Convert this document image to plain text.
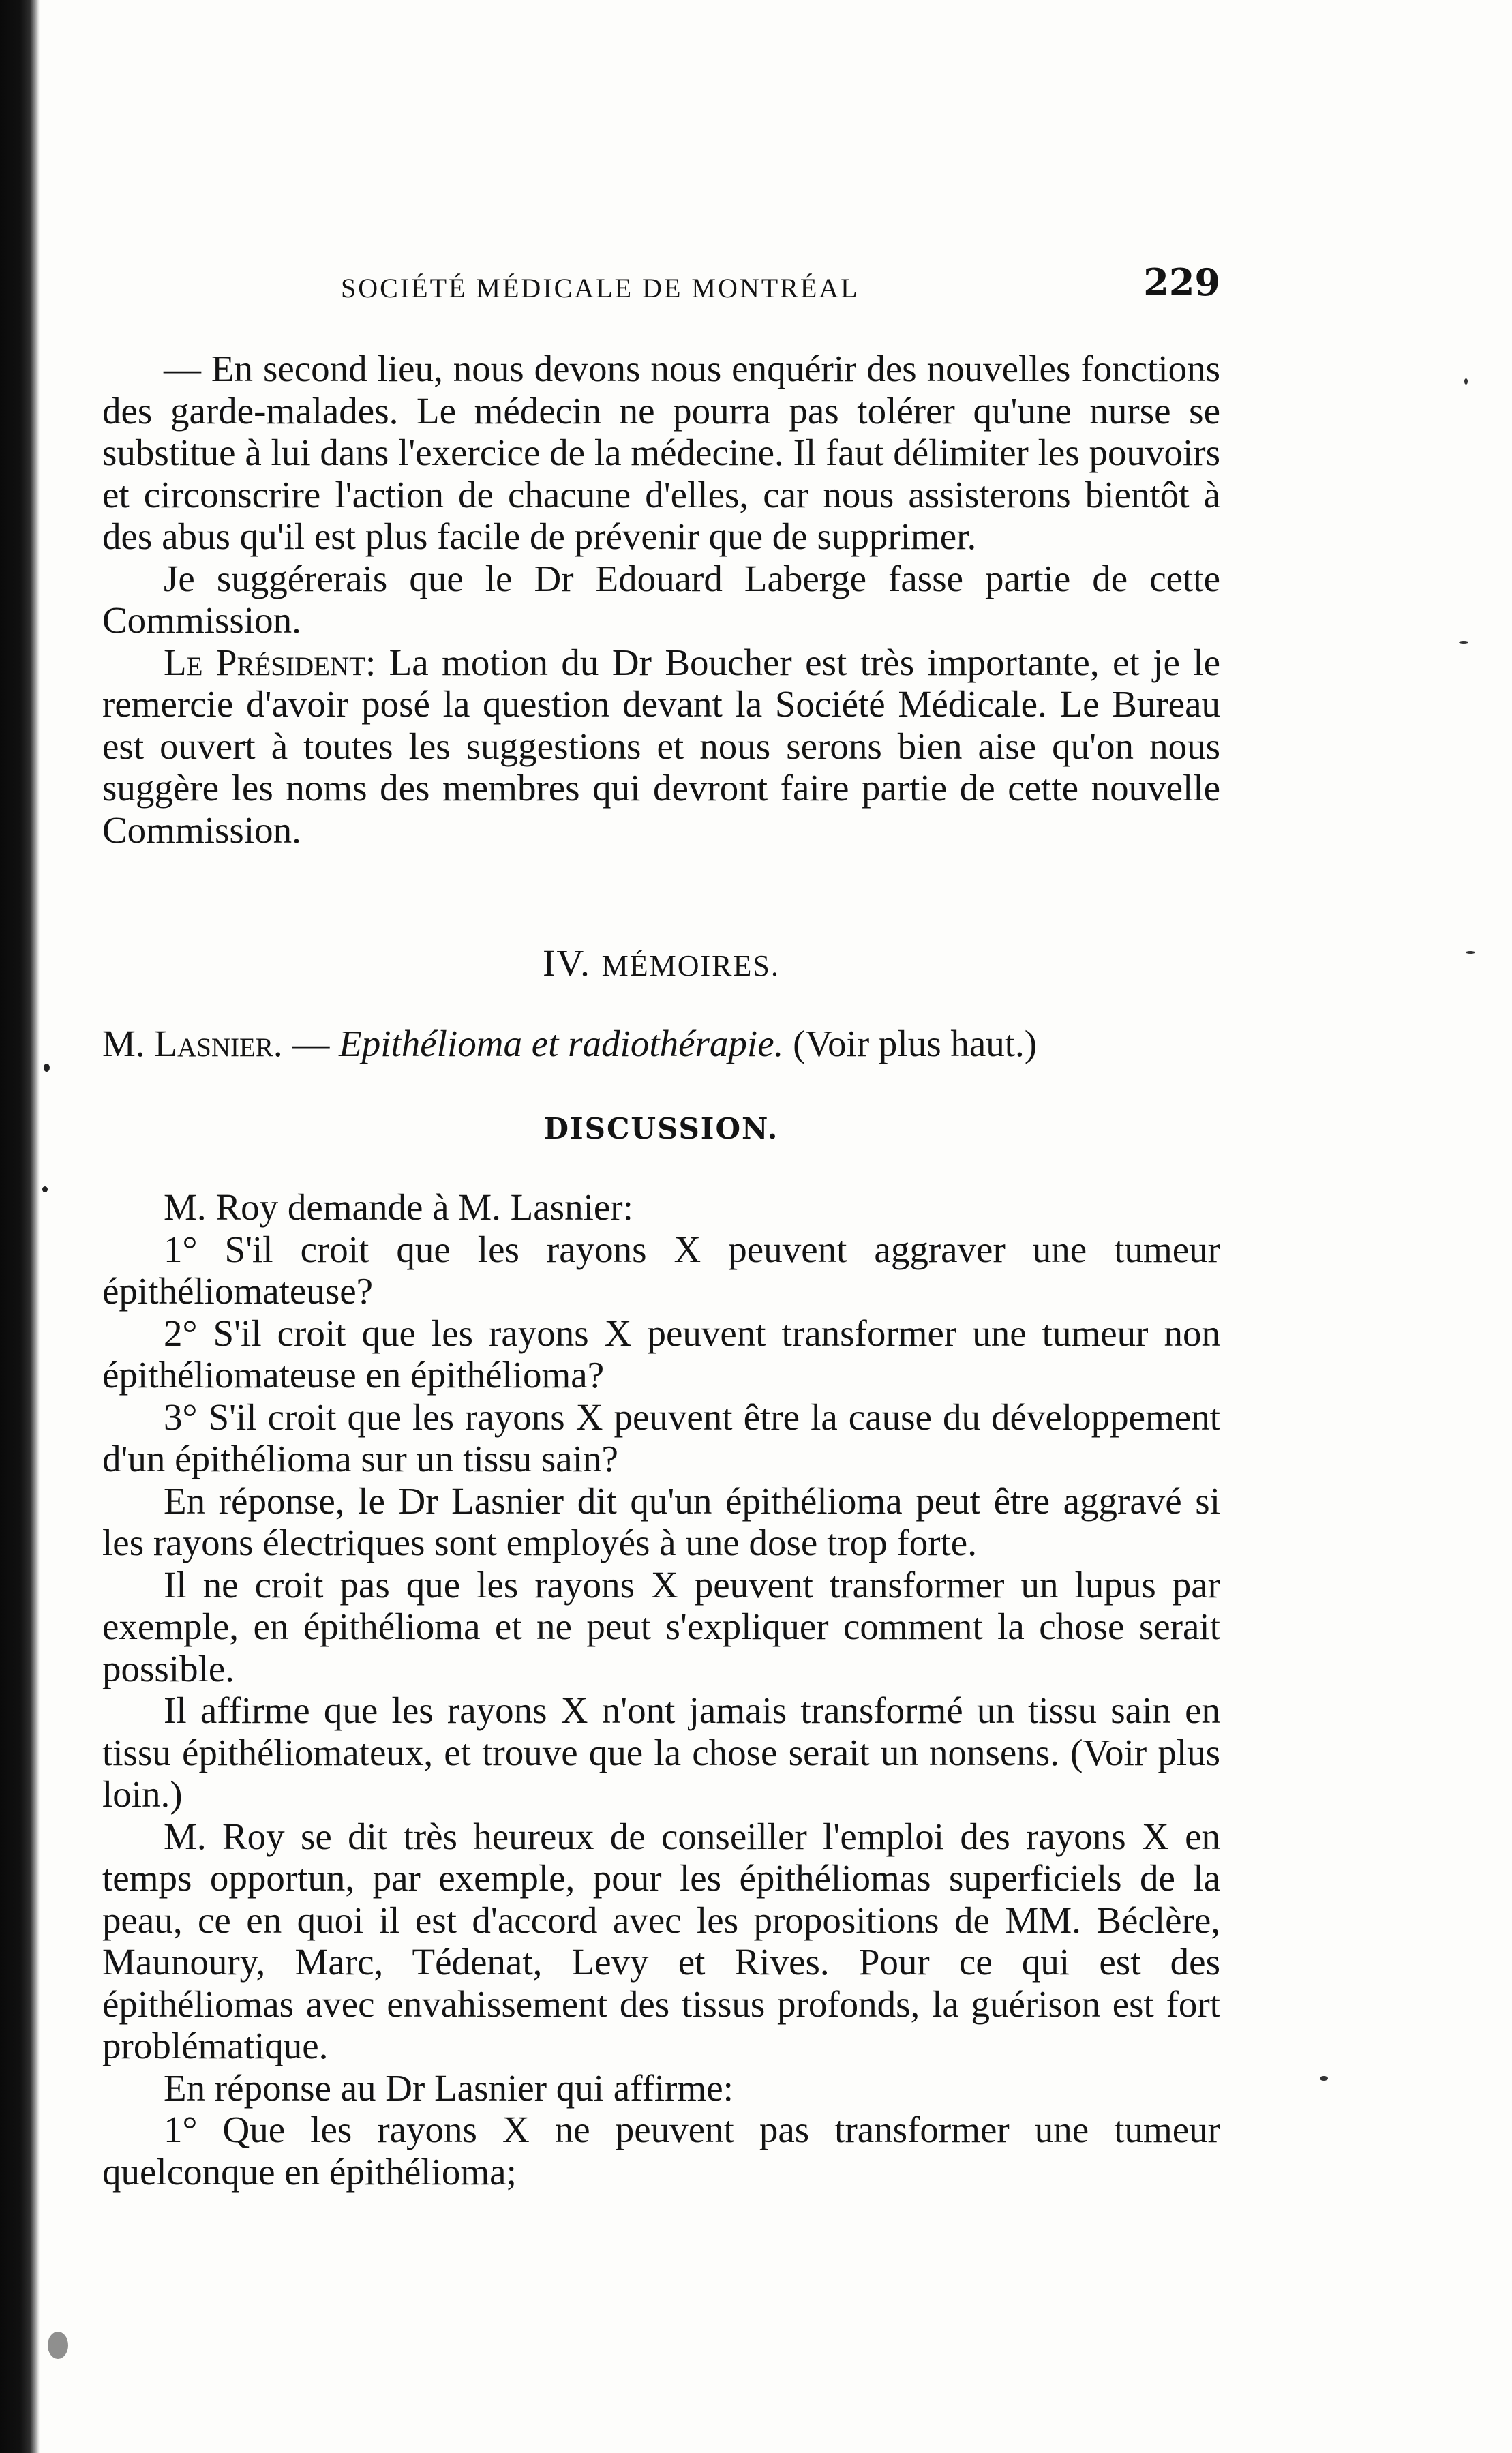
SOCIÉTÉ MÉDICALE DE MONTRÉAL	229

— En second lieu, nous devons nous enquérir des nouvelles fonctions des garde-malades. Le médecin ne pourra pas tolérer qu'une nurse se substitue à lui dans l'exercice de la médecine. Il faut délimiter les pouvoirs et circonscrire l'action de chacune d'elles, car nous assisterons bientôt à des abus qu'il est plus facile de prévenir que de supprimer.

Je suggérerais que le Dr Edouard Laberge fasse partie de cette Commission.

Le Président: La motion du Dr Boucher est très importante, et je le remercie d'avoir posé la question devant la Société Médicale. Le Bureau est ouvert à toutes les suggestions et nous serons bien aise qu'on nous suggère les noms des membres qui devront faire partie de cette nouvelle Commission.

IV. MÉMOIRES.
M. Lasnier. — Epithélioma et radiothérapie. (Voir plus haut.)
DISCUSSION.

M. Roy demande à M. Lasnier:

1° S'il croit que les rayons X peuvent aggraver une tumeur épithéliomateuse?

2° S'il croit que les rayons X peuvent transformer une tumeur non épithéliomateuse en épithélioma?

3° S'il croit que les rayons X peuvent être la cause du développement d'un épithélioma sur un tissu sain?

En réponse, le Dr Lasnier dit qu'un épithélioma peut être aggravé si les rayons électriques sont employés à une dose trop forte.

Il ne croit pas que les rayons X peuvent transformer un lupus par exemple, en épithélioma et ne peut s'expliquer comment la chose serait possible.

Il affirme que les rayons X n'ont jamais transformé un tissu sain en tissu épithéliomateux, et trouve que la chose serait un nonsens. (Voir plus loin.)

M. Roy se dit très heureux de conseiller l'emploi des rayons X en temps opportun, par exemple, pour les épithéliomas superficiels de la peau, ce en quoi il est d'accord avec les propositions de MM. Béclère, Maunoury, Marc, Tédenat, Levy et Rives. Pour ce qui est des épithéliomas avec envahissement des tissus profonds, la guérison est fort problématique.

En réponse au Dr Lasnier qui affirme:

1° Que les rayons X ne peuvent pas transformer une tumeur quelconque en épithélioma;
